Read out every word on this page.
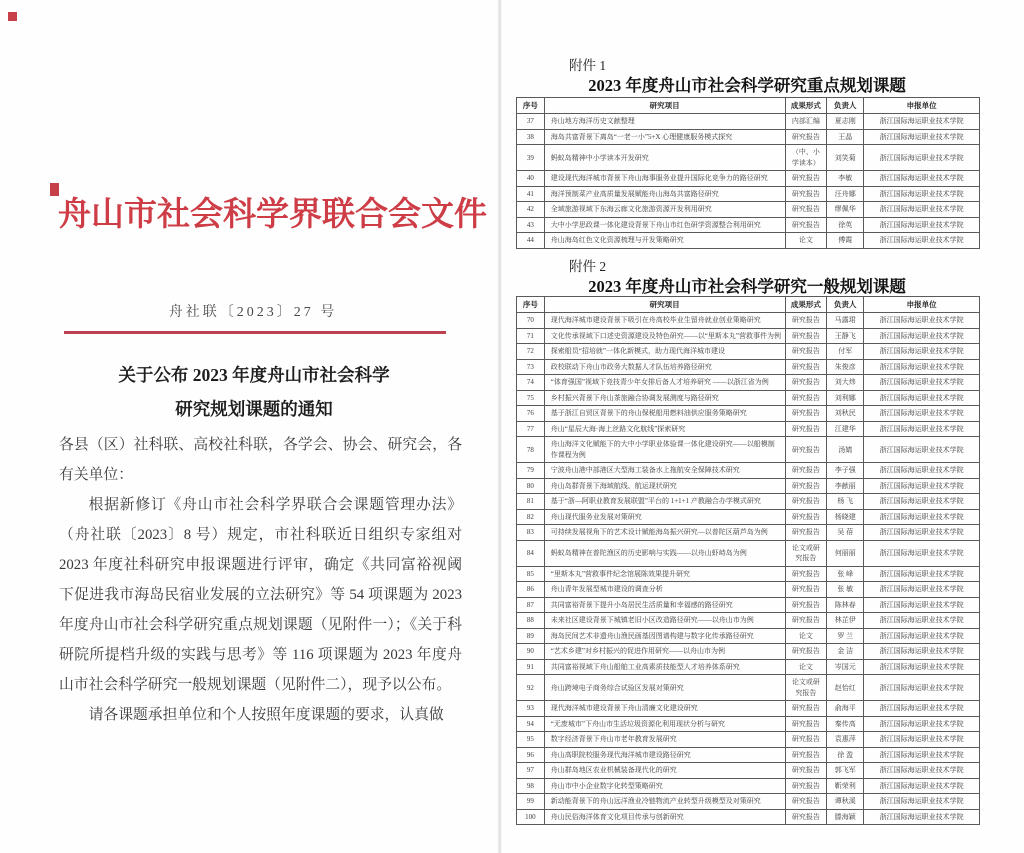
舟山市社会科学界联合会文件
舟社联〔2023〕27 号
关于公布 2023 年度舟山市社会科学
研究规划课题的通知

各县（区）社科联、高校社科联，各学会、协会、研究会，各有关单位：

根据新修订《舟山市社会科学界联合会课题管理办法》（舟社联〔2023〕8 号）规定，市社科联近日组织专家组对 2023 年度社科研究申报课题进行评审，确定《共同富裕视阈下促进我市海岛民宿业发展的立法研究》等 54 项课题为 2023 年度舟山市社会科学研究重点规划课题（见附件一）；《关于科研院所提档升级的实践与思考》等 116 项课题为 2023 年度舟山市社会科学研究一般规划课题（见附件二），现予以公布。

请各课题承担单位和个人按照年度课题的要求，认真做

附件 1
2023 年度舟山市社会科学研究重点规划课题
序号	研究项目	成果形式	负责人	申报单位
37	舟山地方海洋历史文献整理	内部汇编	夏志刚	浙江国际海运职业技术学院
38	海岛共富背景下离岛“一老一小”5+X 心理健康服务模式探究	研究报告	王晶	浙江国际海运职业技术学院
39	蚂蚁岛精神中小学读本开发研究	（中、小学读本）	刘笑菊	浙江国际海运职业技术学院
40	建设现代海洋城市背景下舟山海事服务业提升国际化竞争力的路径研究	研究报告	李敏	浙江国际海运职业技术学院
41	海洋预制菜产业高质量发展赋能舟山海岛共富路径研究	研究报告	汪舟娜	浙江国际海运职业技术学院
42	全域旅游视域下东海云廊文化旅游资源开发利用研究	研究报告	缪佩华	浙江国际海运职业技术学院
43	大中小学思政课一体化建设背景下舟山市红色研学资源整合利用研究	研究报告	徐英	浙江国际海运职业技术学院
44	舟山海岛红色文化资源梳理与开发策略研究	论文	傅霞	浙江国际海运职业技术学院
附件 2
2023 年度舟山市社会科学研究一般规划课题
序号	研究项目	成果形式	负责人	申报单位
70	现代海洋城市建设背景下吸引在舟高校毕业生留舟就业创业策略研究	研究报告	马露珺	浙江国际海运职业技术学院
71	文化传承视域下口述史资源建设及特色研究——以“里斯本丸”营救事件为例	研究报告	王静飞	浙江国际海运职业技术学院
72	探索船员“招培就”一体化新模式，助力现代海洋城市建设	研究报告	付军	浙江国际海运职业技术学院
73	政校联动下舟山市政务大数据人才队伍培养路径研究	研究报告	朱俊彦	浙江国际海运职业技术学院
74	“体育强国”视域下竞技青少年女排后备人才培养研究 ——以浙江省为例	研究报告	刘大炜	浙江国际海运职业技术学院
75	乡村振兴背景下舟山茶旅融合协调发展测度与路径研究	研究报告	刘利娜	浙江国际海运职业技术学院
76	基于浙江自贸区背景下的舟山保税船用燃料油供应服务策略研究	研究报告	刘秋民	浙江国际海运职业技术学院
77	舟山“星辰大海·海上丝路文化航线”探索研究	研究报告	江建华	浙江国际海运职业技术学院
78	舟山海洋文化赋能下的大中小学职业体验课一体化建设研究——以船模制作课程为例	研究报告	汤婧	浙江国际海运职业技术学院
79	宁波舟山港中部港区大型海工装备水上拖航安全保障技术研究	研究报告	李子强	浙江国际海运职业技术学院
80	舟山岛群背景下海域航线、航运现状研究	研究报告	李献丽	浙江国际海运职业技术学院
81	基于“浙—阿职业教育发展联盟”平台的 1+1+1 产教融合办学模式研究	研究报告	杨 飞	浙江国际海运职业技术学院
82	舟山现代服务业发展对策研究	研究报告	杨晓建	浙江国际海运职业技术学院
83	可持续发展视角下的艺术设计赋能海岛振兴研究—以普陀区葫芦岛为例	研究报告	吴 蓓	浙江国际海运职业技术学院
84	蚂蚁岛精神在普陀渔区的历史影响与实践——以舟山虾峙岛为例	论文或研究报告	何丽丽	浙江国际海运职业技术学院
85	“里斯本丸”营救事件纪念馆展陈效果提升研究	研究报告	张 峰	浙江国际海运职业技术学院
86	舟山青年发展型城市建设的调查分析	研究报告	张 敏	浙江国际海运职业技术学院
87	共同富裕背景下提升小岛居民生活质量和幸福感的路径研究	研究报告	陈林春	浙江国际海运职业技术学院
88	未来社区建设背景下城镇老旧小区改造路径研究——以舟山市为例	研究报告	林芷伊	浙江国际海运职业技术学院
89	海岛民间艺术非遗舟山渔民画基因图谱构建与数字化传承路径研究	论文	罗 兰	浙江国际海运职业技术学院
90	“艺术乡建”对乡村振兴的促进作用研究——以舟山市为例	研究报告	金 洁	浙江国际海运职业技术学院
91	共同富裕视域下舟山船舶工业高素质技能型人才培养体系研究	论文	岑国元	浙江国际海运职业技术学院
92	舟山跨境电子商务综合试验区发展对策研究	论文或研究报告	赵怡红	浙江国际海运职业技术学院
93	现代海洋城市建设背景下舟山清廉文化建设研究	研究报告	俞海平	浙江国际海运职业技术学院
94	“无废城市”下舟山市生活垃圾资源化利用现状分析与研究	研究报告	秦传高	浙江国际海运职业技术学院
95	数字经济背景下舟山市老年教育发展研究	研究报告	袁惠萍	浙江国际海运职业技术学院
96	舟山高职院校服务现代海洋城市建设路径研究	研究报告	徐 盈	浙江国际海运职业技术学院
97	舟山群岛地区农业机械装备现代化的研究	研究报告	郭飞军	浙江国际海运职业技术学院
98	舟山市中小企业数字化转型策略研究	研究报告	靳荣利	浙江国际海运职业技术学院
99	新动能背景下的舟山远洋渔业冷链物流产业转型升级模型及对策研究	研究报告	谭秋溪	浙江国际海运职业技术学院
100	舟山民俗海洋体育文化项目传承与创新研究	研究报告	滕海颖	浙江国际海运职业技术学院
